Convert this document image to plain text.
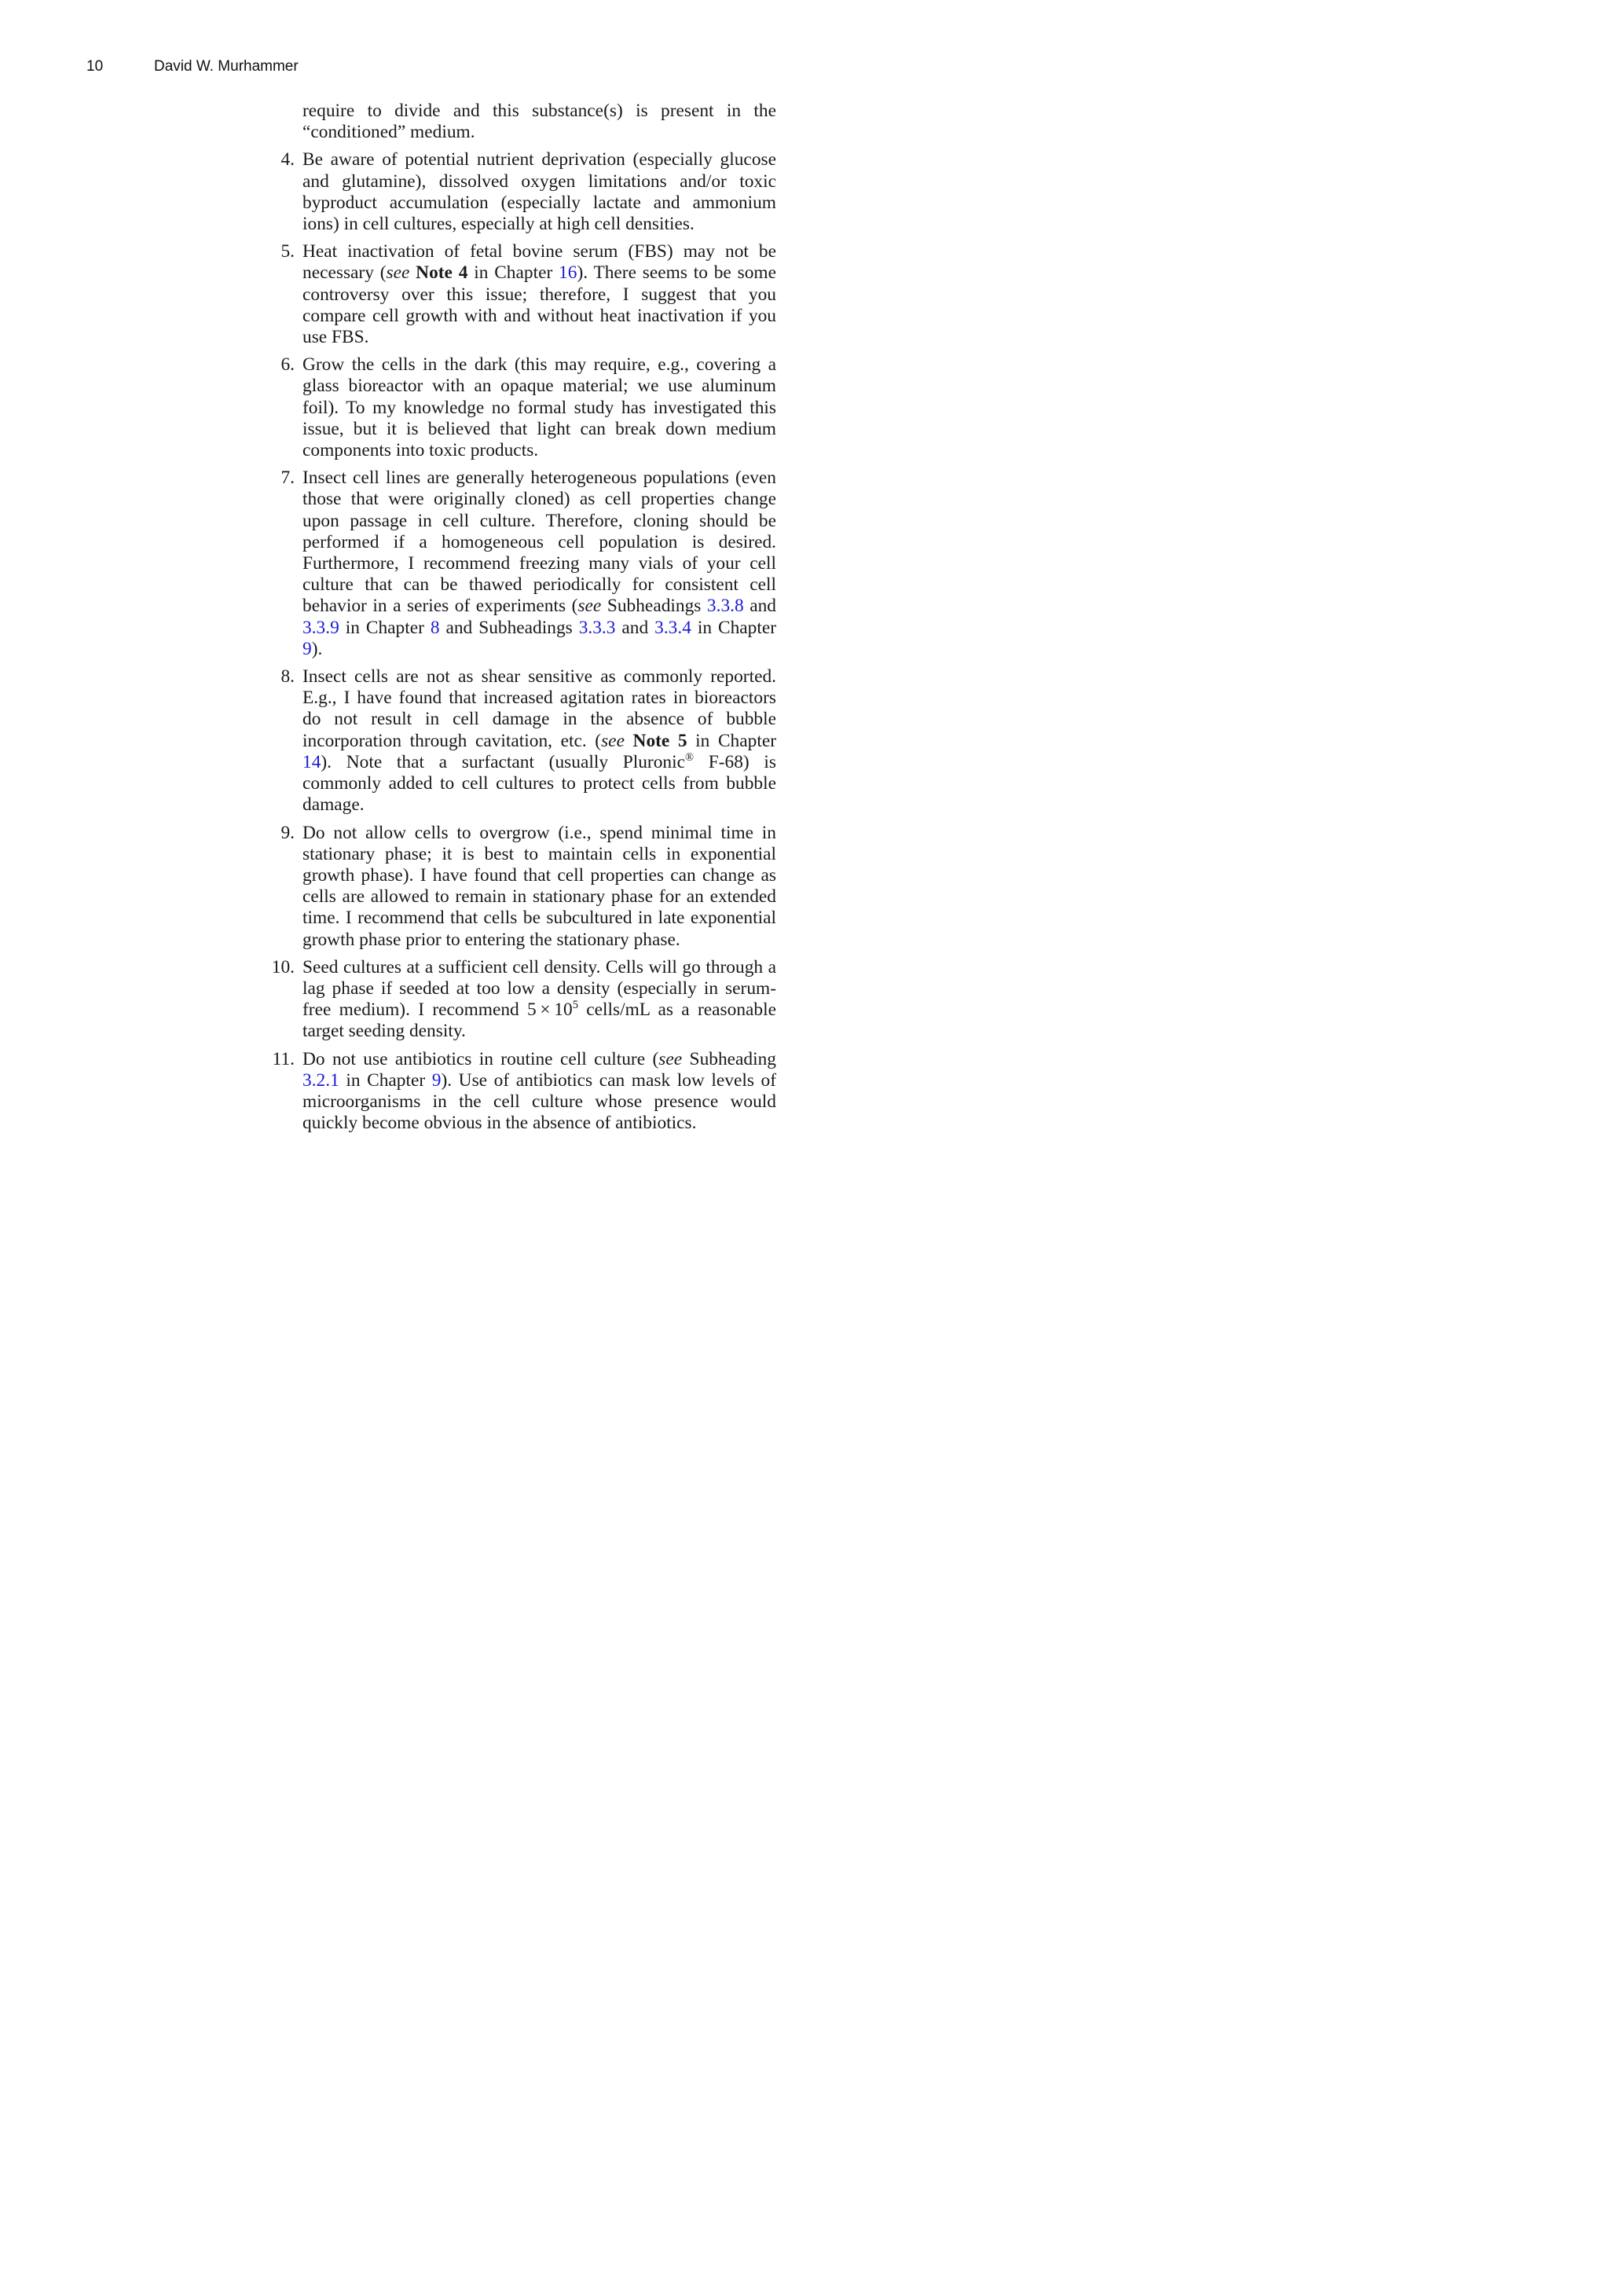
10	David W. Murhammer
require to divide and this substance(s) is present in the “conditioned” medium.
4. Be aware of potential nutrient deprivation (especially glucose and glutamine), dissolved oxygen limitations and/or toxic byproduct accumulation (especially lactate and ammonium ions) in cell cultures, especially at high cell densities.
5. Heat inactivation of fetal bovine serum (FBS) may not be necessary (see Note 4 in Chapter 16). There seems to be some controversy over this issue; therefore, I suggest that you compare cell growth with and without heat inactivation if you use FBS.
6. Grow the cells in the dark (this may require, e.g., covering a glass bioreactor with an opaque material; we use aluminum foil). To my knowledge no formal study has investigated this issue, but it is believed that light can break down medium components into toxic products.
7. Insect cell lines are generally heterogeneous populations (even those that were originally cloned) as cell properties change upon passage in cell culture. Therefore, cloning should be performed if a homogeneous cell population is desired. Furthermore, I recommend freezing many vials of your cell culture that can be thawed periodically for consistent cell behavior in a series of experiments (see Subheadings 3.3.8 and 3.3.9 in Chapter 8 and Subheadings 3.3.3 and 3.3.4 in Chapter 9).
8. Insect cells are not as shear sensitive as commonly reported. E.g., I have found that increased agitation rates in bioreactors do not result in cell damage in the absence of bubble incorporation through cavitation, etc. (see Note 5 in Chapter 14). Note that a surfactant (usually Pluronic® F-68) is commonly added to cell cultures to protect cells from bubble damage.
9. Do not allow cells to overgrow (i.e., spend minimal time in stationary phase; it is best to maintain cells in exponential growth phase). I have found that cell properties can change as cells are allowed to remain in stationary phase for an extended time. I recommend that cells be subcultured in late exponential growth phase prior to entering the stationary phase.
10. Seed cultures at a sufficient cell density. Cells will go through a lag phase if seeded at too low a density (especially in serum-free medium). I recommend $5 \times 10^5$ cells/mL as a reasonable target seeding density.
11. Do not use antibiotics in routine cell culture (see Subheading 3.2.1 in Chapter 9). Use of antibiotics can mask low levels of microorganisms in the cell culture whose presence would quickly become obvious in the absence of antibiotics.
